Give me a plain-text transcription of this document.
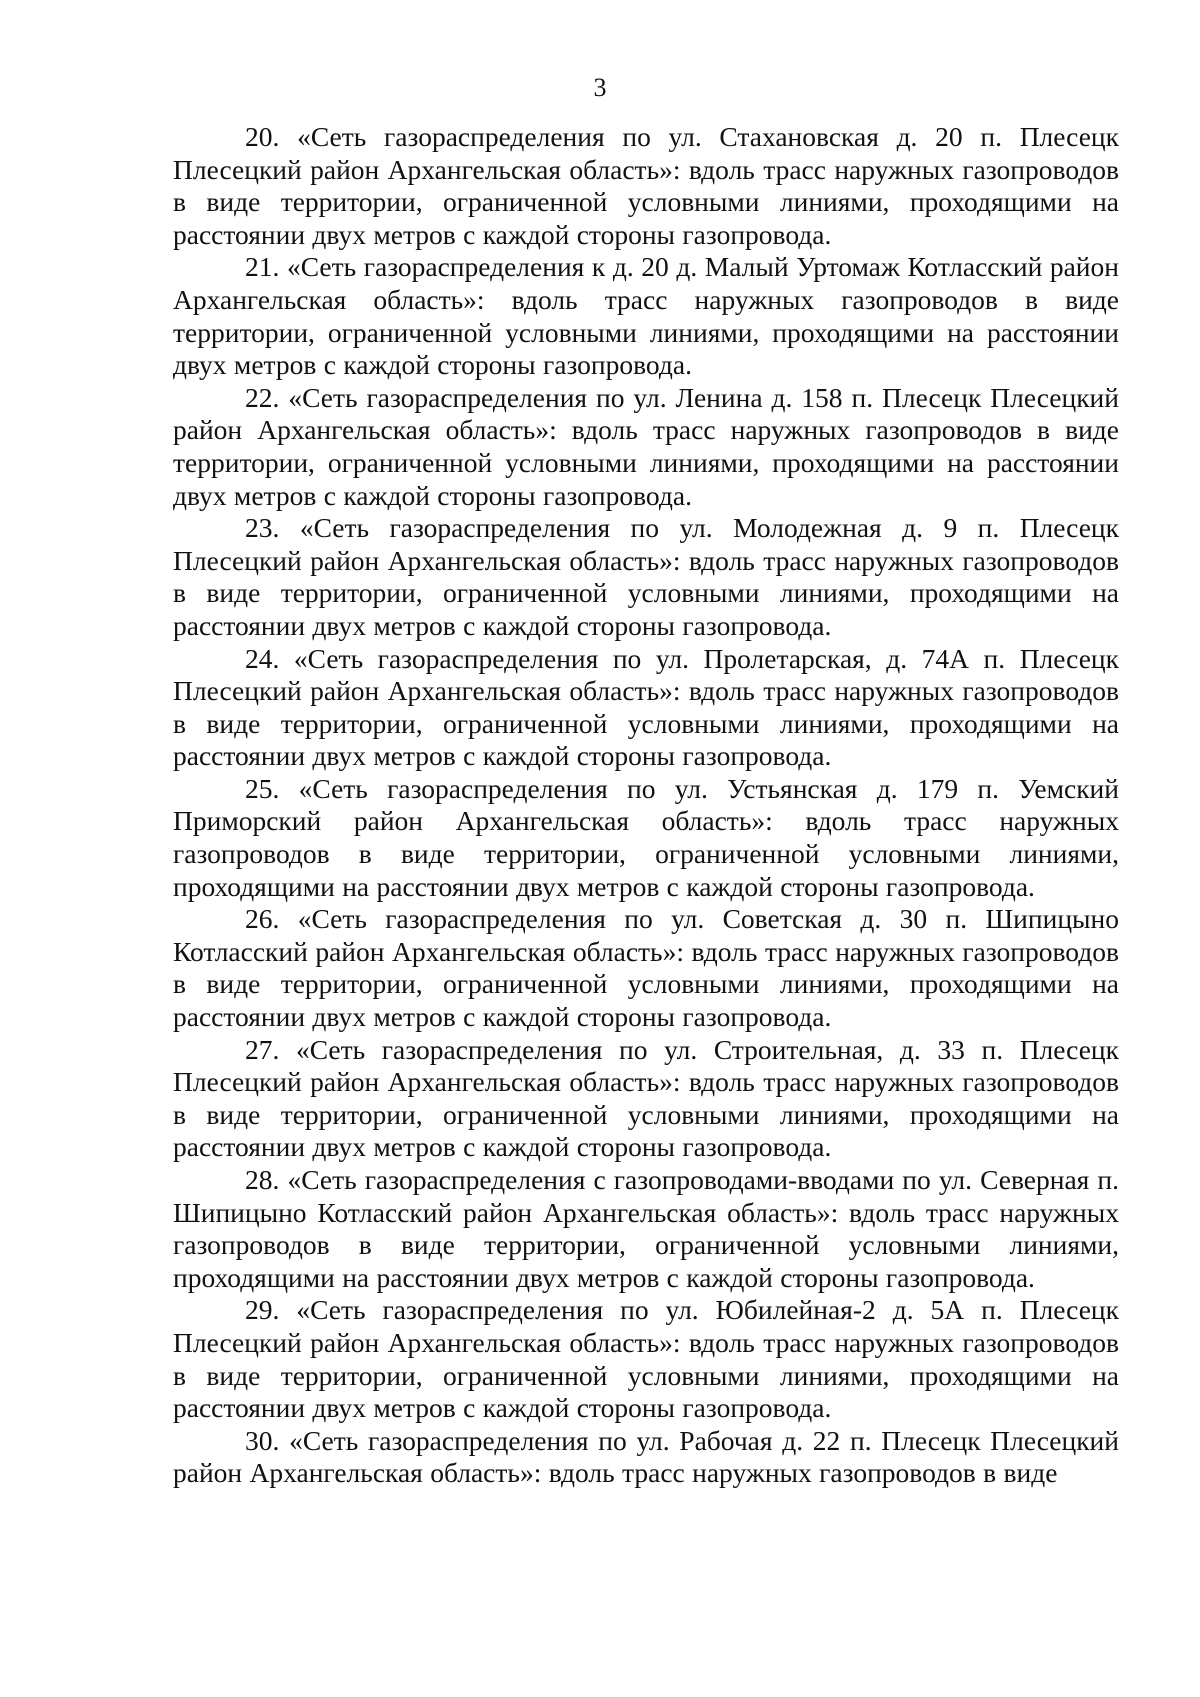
3

20. «Сеть газораспределения по ул. Стахановская д. 20 п. Плесецк Плесецкий район Архангельская область»: вдоль трасс наружных газопроводов в виде территории, ограниченной условными линиями, проходящими на расстоянии двух метров с каждой стороны газопровода.

21. «Сеть газораспределения к д. 20 д. Малый Уртомаж Котласский район Архангельская область»: вдоль трасс наружных газопроводов в виде территории, ограниченной условными линиями, проходящими на расстоянии двух метров с каждой стороны газопровода.

22. «Сеть газораспределения по ул. Ленина д. 158 п. Плесецк Плесецкий район Архангельская область»: вдоль трасс наружных газопроводов в виде территории, ограниченной условными линиями, проходящими на расстоянии двух метров с каждой стороны газопровода.

23. «Сеть газораспределения по ул. Молодежная д. 9 п. Плесецк Плесецкий район Архангельская область»: вдоль трасс наружных газопроводов в виде территории, ограниченной условными линиями, проходящими на расстоянии двух метров с каждой стороны газопровода.

24. «Сеть газораспределения по ул. Пролетарская, д. 74А п. Плесецк Плесецкий район Архангельская область»: вдоль трасс наружных газопроводов в виде территории, ограниченной условными линиями, проходящими на расстоянии двух метров с каждой стороны газопровода.

25. «Сеть газораспределения по ул. Устьянская д. 179 п. Уемский Приморский район Архангельская область»: вдоль трасс наружных газопроводов в виде территории, ограниченной условными линиями, проходящими на расстоянии двух метров с каждой стороны газопровода.

26. «Сеть газораспределения по ул. Советская д. 30 п. Шипицыно Котласский район Архангельская область»: вдоль трасс наружных газопроводов в виде территории, ограниченной условными линиями, проходящими на расстоянии двух метров с каждой стороны газопровода.

27. «Сеть газораспределения по ул. Строительная, д. 33 п. Плесецк Плесецкий район Архангельская область»: вдоль трасс наружных газопроводов в виде территории, ограниченной условными линиями, проходящими на расстоянии двух метров с каждой стороны газопровода.

28. «Сеть газораспределения с газопроводами-вводами по ул. Северная п. Шипицыно Котласский район Архангельская область»: вдоль трасс наружных газопроводов в виде территории, ограниченной условными линиями, проходящими на расстоянии двух метров с каждой стороны газопровода.

29. «Сеть газораспределения по ул. Юбилейная-2 д. 5А п. Плесецк Плесецкий район Архангельская область»: вдоль трасс наружных газопроводов в виде территории, ограниченной условными линиями, проходящими на расстоянии двух метров с каждой стороны газопровода.

30. «Сеть газораспределения по ул. Рабочая д. 22 п. Плесецк Плесецкий район Архангельская область»: вдоль трасс наружных газопроводов в виде
